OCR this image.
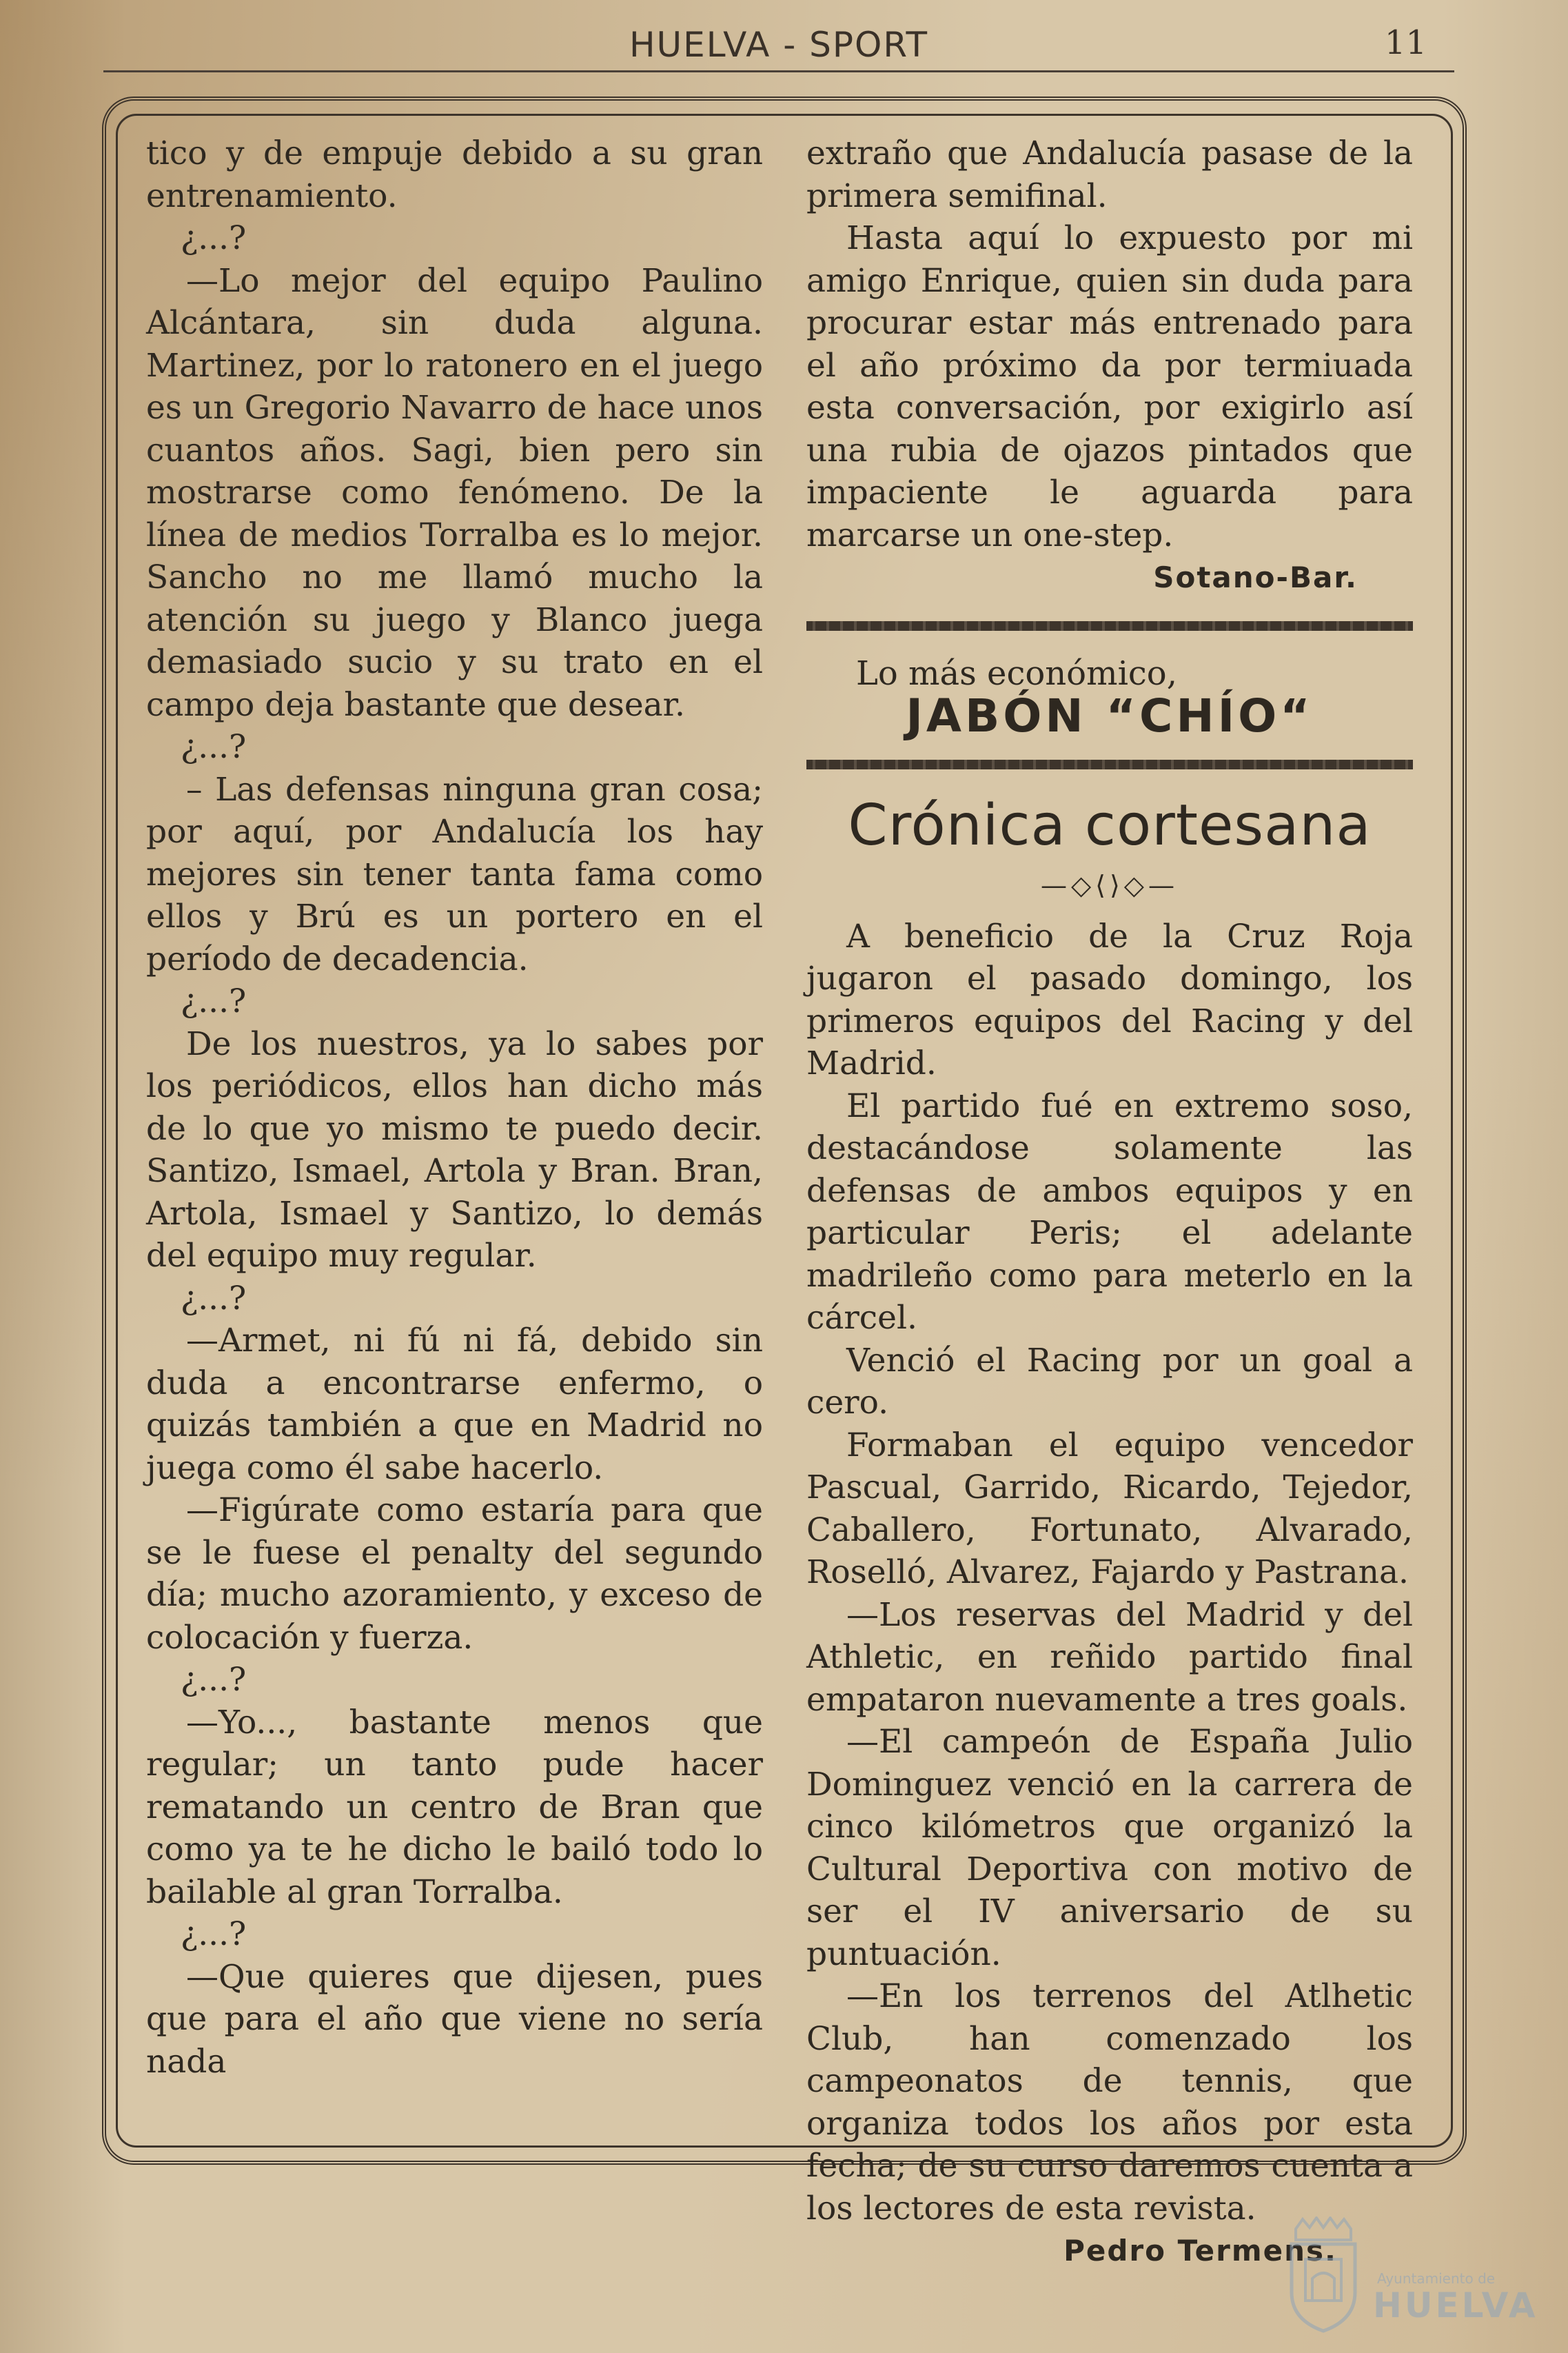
HUELVA - SPORT	11

tico y de empuje debido a su gran entrenamiento.

¿...?

—Lo mejor del equipo Paulino Alcántara, sin duda alguna. Martinez, por lo ratonero en el juego es un Gregorio Navarro de hace unos cuantos años. Sagi, bien pero sin mostrarse como fenómeno. De la línea de medios Torralba es lo mejor. Sancho no me llamó mucho la atención su juego y Blanco juega demasiado sucio y su trato en el campo deja bastante que desear.

¿...?

– Las defensas ninguna gran cosa; por aquí, por Andalucía los hay mejores sin tener tanta fama como ellos y Brú es un portero en el período de decadencia.

¿...?

De los nuestros, ya lo sabes por los periódicos, ellos han dicho más de lo que yo mismo te puedo decir. Santizo, Ismael, Artola y Bran. Bran, Artola, Ismael y Santizo, lo demás del equipo muy regular.

¿...?

—Armet, ni fú ni fá, debido sin duda a encontrarse enfermo, o quizás también a que en Madrid no juega como él sabe hacerlo.

—Figúrate como estaría para que se le fuese el penalty del segundo día; mucho azoramiento, y exceso de colocación y fuerza.

¿...?

—Yo..., bastante menos que regular; un tanto pude hacer rematando un centro de Bran que como ya te he dicho le bailó todo lo bailable al gran Torralba.

¿...?

—Que quieres que dijesen, pues que para el año que viene no sería nada

extraño que Andalucía pasase de la primera semifinal.

Hasta aquí lo expuesto por mi amigo Enrique, quien sin duda para procurar estar más entrenado para el año próximo da por termiuada esta conversación, por exigirlo así una rubia de ojazos pintados que impaciente le aguarda para marcarse un one-step.

Sotano-Bar.

Lo más económico,

JABÓN “CHÍO“

Crónica cortesana

—◇⟨⟩◇—

A beneficio de la Cruz Roja jugaron el pasado domingo, los primeros equipos del Racing y del Madrid.

El partido fué en extremo soso, destacándose solamente las defensas de ambos equipos y en particular Peris; el adelante madrileño como para meterlo en la cárcel.

Venció el Racing por un goal a cero.

Formaban el equipo vencedor Pascual, Garrido, Ricardo, Tejedor, Caballero, Fortunato, Alvarado, Roselló, Alvarez, Fajardo y Pastrana.

—Los reservas del Madrid y del Athletic, en reñido partido final empataron nuevamente a tres goals.

—El campeón de España Julio Dominguez venció en la carrera de cinco kilómetros que organizó la Cultural Deportiva con motivo de ser el IV aniversario de su puntuación.

—En los terrenos del Atlhetic Club, han comenzado los campeonatos de tennis, que organiza todos los años por esta fecha; de su curso daremos cuenta a los lectores de esta revista.

Pedro Termens.

Ayuntamiento de
HUELVA
